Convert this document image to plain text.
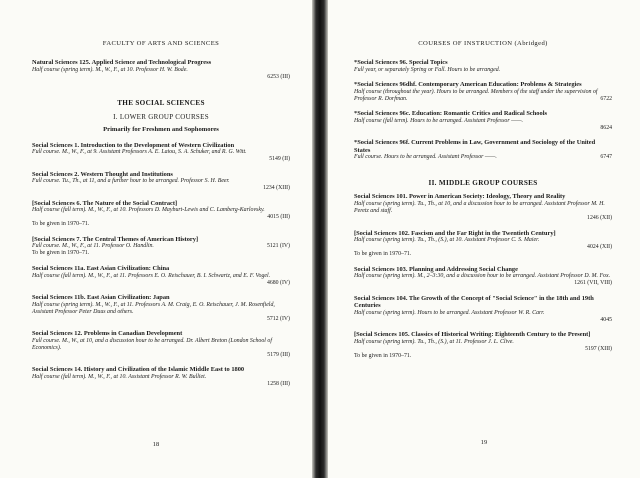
FACULTY OF ARTS AND SCIENCES
Natural Sciences 125. Applied Science and Technological Progress
Half course (spring term). M., W., F., at 10. Professor H. W. Bode.
6253 (III)
THE SOCIAL SCIENCES
I. LOWER GROUP COURSES
Primarily for Freshmen and Sophomores
Social Sciences 1. Introduction to the Development of Western Civilization
Full course. M., W., F., at 9. Assistant Professors A. E. Laiou, S. A. Schuker, and R. G. Witt.
5149 (II)
Social Sciences 2. Western Thought and Institutions
Full course. Tu., Th., at 11, and a further hour to be arranged. Professor S. H. Beer.
1234 (XIII)
[Social Sciences 6. The Nature of the Social Contract]
Half course (fall term). M., W., F., at 10. Professors D. Mayburt-Lewis and C. Lamberg-Karlovsky.
4015 (III)
To be given in 1970–71.
[Social Sciences 7. The Central Themes of American History]
5121 (IV)
Full course. M., W., F., at 11. Professor O. Handlin.
To be given in 1970–71.
Social Sciences 11a. East Asian Civilization: China
Half course (fall term). M., W., F., at 11. Professors E. O. Reischauer, B. I. Schwartz, and E. F. Vogel.
4680 (IV)
Social Sciences 11b. East Asian Civilization: Japan
Half course (spring term). M., W., F., at 11. Professors A. M. Craig, E. O. Reischauer, J. M. Rosenfield, Assistant Professor Peter Duus and others.
5712 (IV)
Social Sciences 12. Problems in Canadian Development
Full course. M., W., at 10, and a discussion hour to be arranged. Dr. Albert Breton (London School of Economics).
5179 (III)
Social Sciences 14. History and Civilization of the Islamic Middle East to 1800
Half course (fall term). M., W., F., at 10. Assistant Professor R. W. Bulliet.
1258 (III)
18
COURSES OF INSTRUCTION (Abridged)
*Social Sciences 96. Special Topics
Full year, or separately Spring or Fall. Hours to be arranged.
*Social Sciences 96dhf. Contemporary American Education: Problems & Strategies
Half course (throughout the year). Hours to be arranged. Members of the staff under the supervision of Professor R. Dorfman.	6722
*Social Sciences 96c. Education: Romantic Critics and Radical Schools
Half course (fall term). Hours to be arranged. Assistant Professor ——.
8624
*Social Sciences 96f. Current Problems in Law, Government and Sociology of the United States
6747
Full course. Hours to be arranged. Assistant Professor ——.
II. MIDDLE GROUP COURSES
Social Sciences 101. Power in American Society: Ideology, Theory and Reality
Half course (spring term). Tu., Th., at 10, and a discussion hour to be arranged. Assistant Professor M. H. Peretz and staff.
1246 (XII)
[Social Sciences 102. Fascism and the Far Right in the Twentieth Century]
Half course (spring term). Tu., Th., (S.), at 10. Assistant Professor C. S. Maier.
4024 (XII)
To be given in 1970–71.
Social Sciences 103. Planning and Addressing Social Change
Half course (spring term). M., 2–3:30, and a discussion hour to be arranged. Assistant Professor D. M. Fox.
1261 (VII, VIII)
Social Sciences 104. The Growth of the Concept of "Social Science" in the 18th and 19th Centuries
Half course (spring term). Hours to be arranged. Assistant Professor W. R. Carr.
4045
[Social Sciences 105. Classics of Historical Writing: Eighteenth Century to the Present]
Half course (spring term). Tu., Th., (S.), at 11. Professor J. L. Clive.
5197 (XIII)
To be given in 1970–71.
19
